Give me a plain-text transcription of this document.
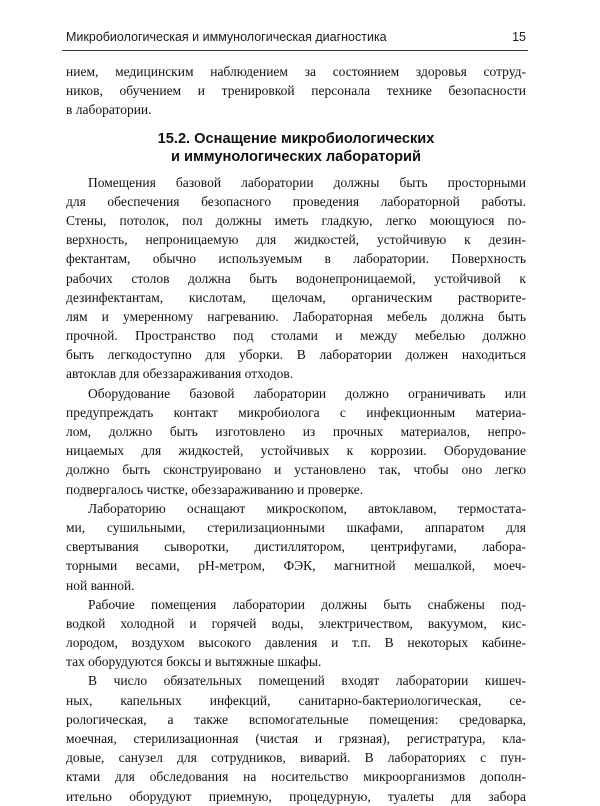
Микробиологическая и иммунологическая диагностика	15
нием, медицинским наблюдением за состоянием здоровья сотруд-
ников, обучением и тренировкой персонала технике безопасности
в лаборатории.
15.2. Оснащение микробиологических
и иммунологических лабораторий
Помещения базовой лаборатории должны быть просторными
для обеспечения безопасного проведения лабораторной работы.
Стены, потолок, пол должны иметь гладкую, легко моющуюся по-
верхность, непроницаемую для жидкостей, устойчивую к дезин-
фектантам, обычно используемым в лаборатории. Поверхность
рабочих столов должна быть водонепроницаемой, устойчивой к
дезинфектантам, кислотам, щелочам, органическим растворите-
лям и умеренному нагреванию. Лабораторная мебель должна быть
прочной. Пространство под столами и между мебелью должно
быть легкодоступно для уборки. В лаборатории должен находиться
автоклав для обеззараживания отходов.
Оборудование базовой лаборатории должно ограничивать или
предупреждать контакт микробиолога с инфекционным материа-
лом, должно быть изготовлено из прочных материалов, непро-
ницаемых для жидкостей, устойчивых к коррозии. Оборудование
должно быть сконструировано и установлено так, чтобы оно легко
подвергалось чистке, обеззараживанию и проверке.
Лабораторию оснащают микроскопом, автоклавом, термостата-
ми, сушильными, стерилизационными шкафами, аппаратом для
свертывания сыворотки, дистиллятором, центрифугами, лабора-
торными весами, pH-метром, ФЭК, магнитной мешалкой, моеч-
ной ванной.
Рабочие помещения лаборатории должны быть снабжены под-
водкой холодной и горячей воды, электричеством, вакуумом, кис-
лородом, воздухом высокого давления и т.п. В некоторых кабине-
тах оборудуются боксы и вытяжные шкафы.
В число обязательных помещений входят лаборатории кишеч-
ных, капельных инфекций, санитарно-бактериологическая, се-
рологическая, а также вспомогательные помещения: средоварка,
моечная, стерилизационная (чистая и грязная), регистратура, кла-
довые, санузел для сотрудников, виварий. В лабораториях с пун-
ктами для обследования на носительство микроорганизмов дополн-
ительно оборудуют приемную, процедурную, туалеты для забора
